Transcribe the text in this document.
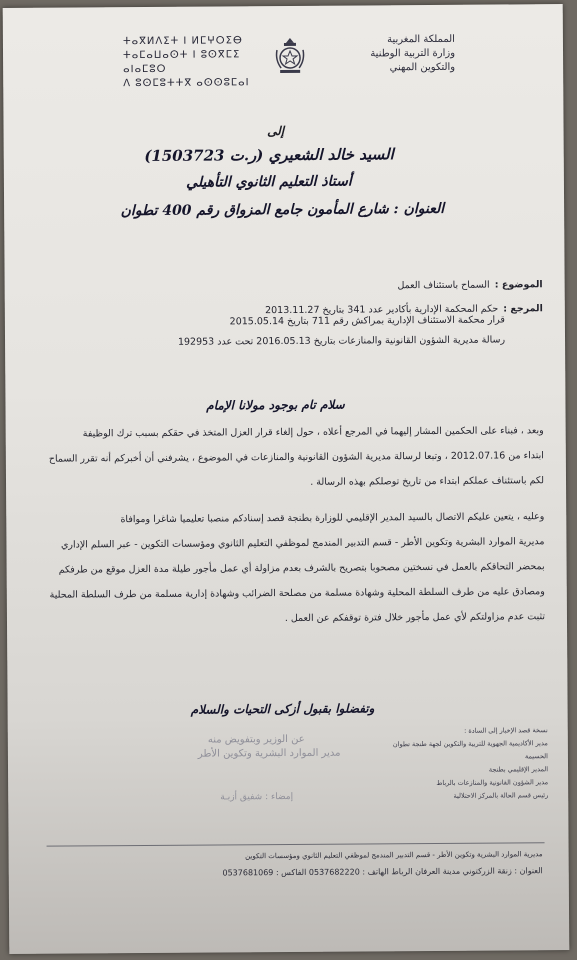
ⵜⴰⴳⵍⴷⵉⵜ ⵏ ⵍⵎⵖⵔⵉⴱ
ⵜⴰⵎⴰⵡⴰⵙⵜ ⵏ ⵓⵙⴳⵎⵉ ⴰⵏⴰⵎⵓⵔ
ⴷ ⵓⵙⵎⵓⵜⵜⴳ ⴰⵙⵙⵓⵎⴰⵏ
المملكة المغربية
وزارة التربية الوطنية
والتكوين المهني
إلى
السيد خالد الشعيري (ر.ت 1503723)
أستاذ التعليم الثانوي التأهيلي
العنوان : شارع المأمون جامع المزواق رقم 400 تطوان
الموضوع : السماح باستئناف العمل
المرجع : حكم المحكمة الإدارية بأكادير عدد 341 بتاريخ 2013.11.27
قرار محكمة الاستئناف الإدارية بمراكش رقم 711 بتاريخ 2015.05.14
رسالة مديرية الشؤون القانونية والمنازعات بتاريخ 2016.05.13 تحت عدد 192953
سلام تام بوجود مولانا الإمام
وبعد ، فبناء على الحكمين المشار إليهما في المرجع أعلاه ، حول إلغاء قرار العزل المتخذ في حقكم بسبب ترك الوظيفة
ابتداء من 2012.07.16 ، وتبعا لرسالة مديرية الشؤون القانونية والمنازعات في الموضوع ، يشرفني أن أخبركم أنه تقرر السماح
لكم باستئناف عملكم ابتداء من تاريخ توصلكم بهذه الرسالة .
وعليه ، يتعين عليكم الاتصال بالسيد المدير الإقليمي للوزارة بطنجة قصد إسنادكم منصبا تعليميا شاغرا وموافاة
مديرية الموارد البشرية وتكوين الأطر - قسم التدبير المندمج لموظفي التعليم الثانوي ومؤسسات التكوين - عبر السلم الإداري
بمحضر التحاقكم بالعمل في نسختين مصحوبا بتصريح بالشرف بعدم مزاولة أي عمل مأجور طيلة مدة العزل موقع من طرفكم
ومصادق عليه من طرف السلطة المحلية وشهادة مسلمة من مصلحة الضرائب وشهادة إدارية مسلمة من طرف السلطة المحلية
تثبت عدم مزاولتكم لأي عمل مأجور خلال فترة توقفكم عن العمل .
وتفضلوا بقبول أزكى التحيات والسلام
عن الوزير وبتفويض منه
مدير الموارد البشرية وتكوين الأطر
إمضاء : شفيق أزبـة
نسخة قصد الإخبار إلى السادة :
مدير الأكاديمية الجهوية للتربية والتكوين لجهة طنجة تطوان الحسيمة
المدير الإقليمي بطنجة
مدير الشؤون القانونية والمنازعات بالرباط
رئيس قسم الحالة بالمركز الاحتلالية
مديرية الموارد البشرية وتكوين الأطر - قسم التدبير المندمج لموظفي التعليم الثانوي ومؤسسات التكوين
العنوان : زنقة الزركتوني مدينة العرفان الرباط الهاتف : 0537682220 الفاكس : 0537681069
